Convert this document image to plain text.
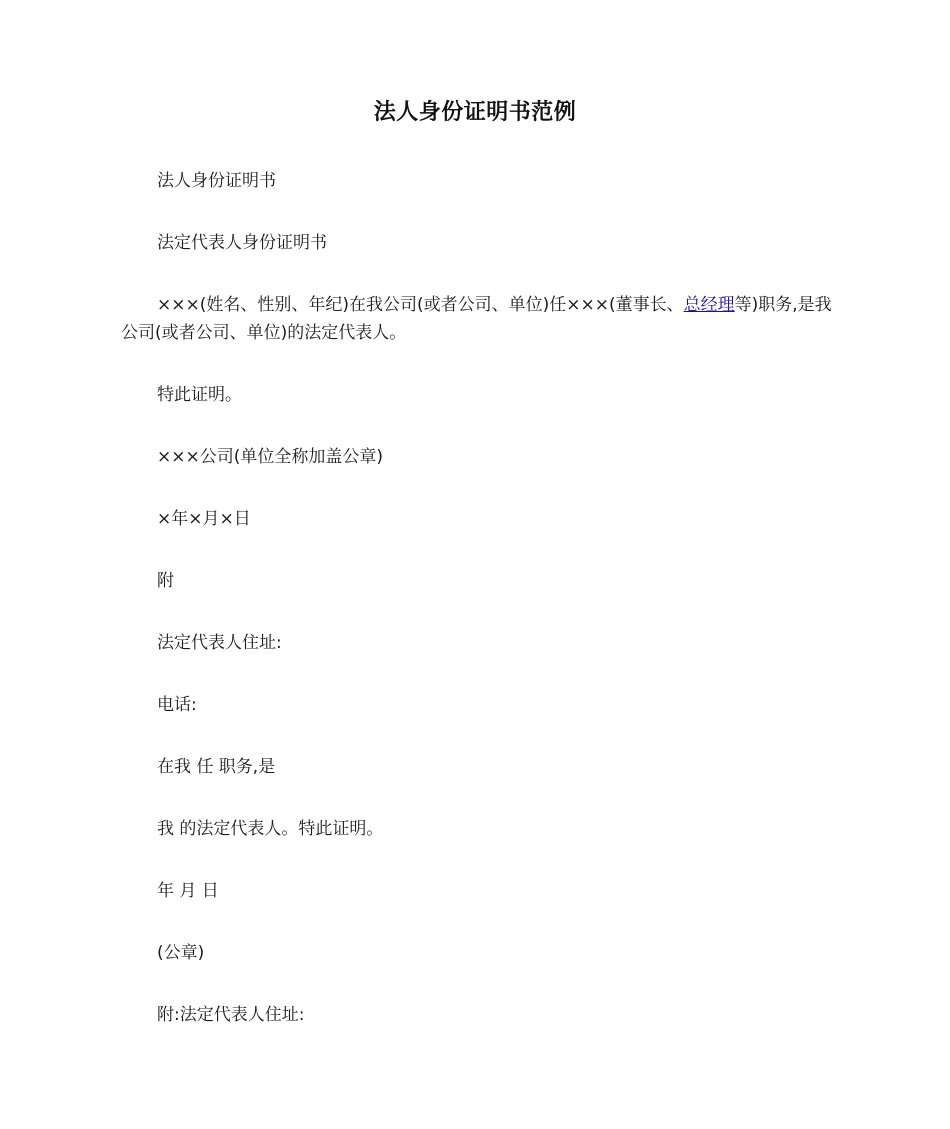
法人身份证明书范例

法人身份证明书

法定代表人身份证明书

×××(姓名、性别、年纪)在我公司(或者公司、单位)任×××(董事长、总经理等)职务,是我公司(或者公司、单位)的法定代表人。

特此证明。

×××公司(单位全称加盖公章)

×年×月×日

附

法定代表人住址:

电话:

在我 任 职务,是

我 的法定代表人。特此证明。

年 月 日

(公章)

附:法定代表人住址:
